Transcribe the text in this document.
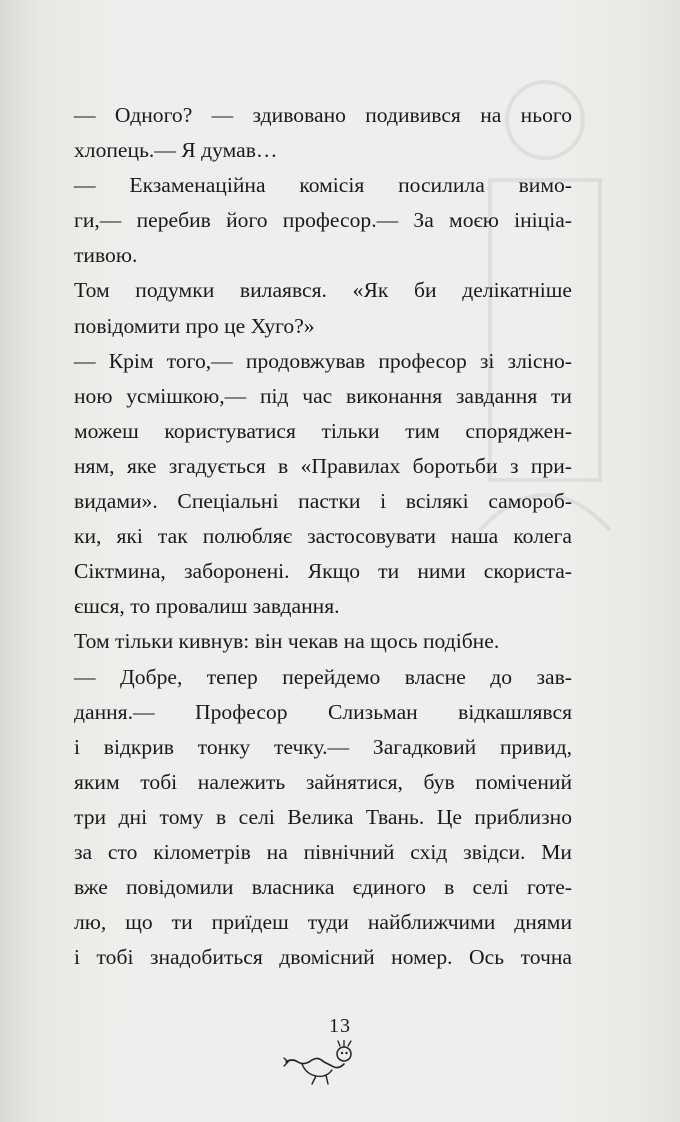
— Одного? — здивовано подивився на нього
хлопець.— Я думав…
— Екзаменаційна комісія посилила вимо-
ги,— перебив його професор.— За моєю ініціа-
тивою.
Том подумки вилаявся. «Як би делікатніше
повідомити про це Хуго?»
— Крім того,— продовжував професор зі злісно-
ною усмішкою,— під час виконання завдання ти
можеш користуватися тільки тим споряджен-
ням, яке згадується в «Правилах боротьби з при-
видами». Спеціальні пастки і всілякі самороб-
ки, які так полюбляє застосовувати наша колега
Сіктмина, заборонені. Якщо ти ними скориста-
єшся, то провалиш завдання.
Том тільки кивнув: він чекав на щось подібне.
— Добре, тепер перейдемо власне до зав-
дання.— Професор Слизьман відкашлявся
і відкрив тонку течку.— Загадковий привид,
яким тобі належить зайнятися, був помічений
три дні тому в селі Велика Твань. Це приблизно
за сто кілометрів на північний схід звідси. Ми
вже повідомили власника єдиного в селі готе-
лю, що ти приїдеш туди найближчими днями
і тобі знадобиться двомісний номер. Ось точна
13
